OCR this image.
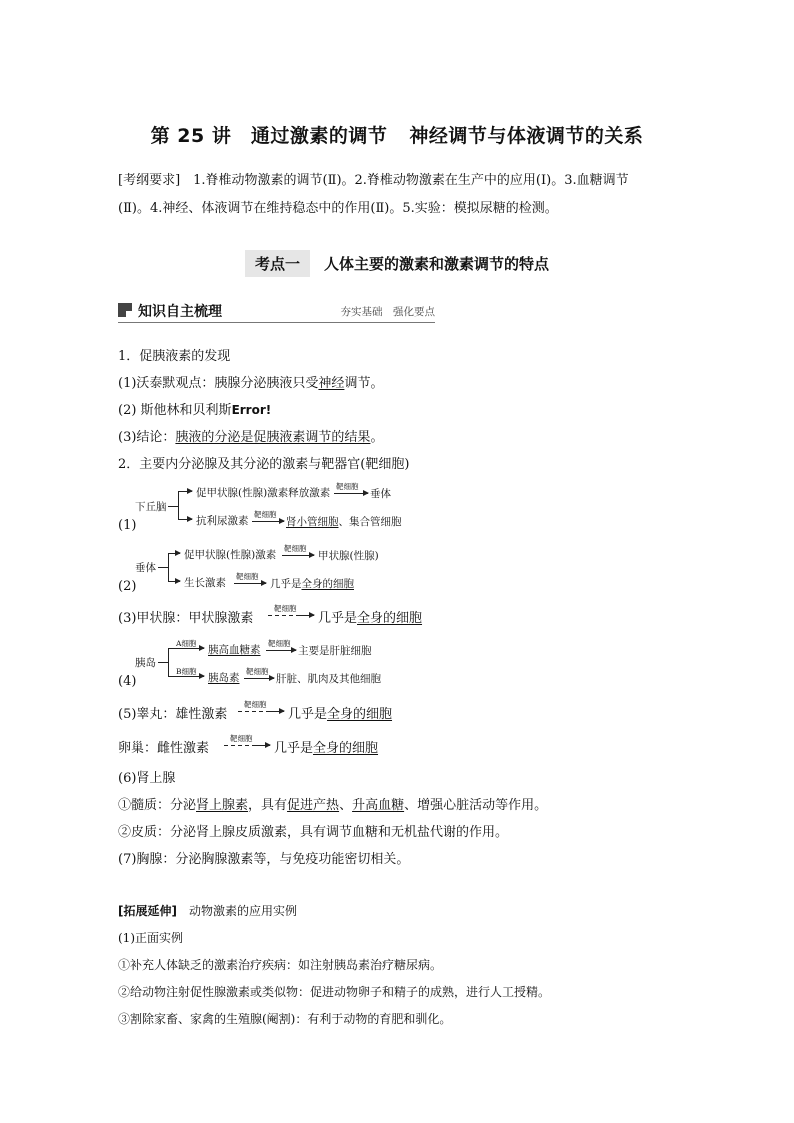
第 25 讲　通过激素的调节 神经调节与体液调节的关系
[考纲要求]　1.脊椎动物激素的调节(Ⅱ)。2.脊椎动物激素在生产中的应用(Ⅰ)。3.血糖调节
(Ⅱ)。4.神经、体液调节在维持稳态中的作用(Ⅱ)。5.实验：模拟尿糖的检测。
考点一 人体主要的激素和激素调节的特点
知识自主梳理	夯实基础　强化要点
1．促胰液素的发现
(1)沃泰默观点：胰腺分泌胰液只受神经调节。
(2) 斯他林和贝利斯Error!
(3)结论：胰液的分泌是促胰液素调节的结果。
2．主要内分泌腺及其分泌的激素与靶器官(靶细胞)
(1)
下丘脑
促甲状腺(性腺)激素释放激素
靶细胞
垂体
抗利尿激素
靶细胞
肾小管细胞、集合管细胞
(2)
垂体
促甲状腺(性腺)激素
靶细胞
甲状腺(性腺)
生长激素
靶细胞
几乎是全身的细胞
(3)甲状腺：甲状腺激素
靶细胞
几乎是全身的细胞
(4)
胰岛
A细胞
B细胞
胰高血糖素
靶细胞
主要是肝脏细胞
胰岛素
靶细胞
肝脏、肌肉及其他细胞
(5)睾丸：雄性激素
靶细胞
几乎是全身的细胞
卵巢：雌性激素
靶细胞
几乎是全身的细胞
(6)肾上腺
①髓质：分泌肾上腺素，具有促进产热、升高血糖、增强心脏活动等作用。
②皮质：分泌肾上腺皮质激素，具有调节血糖和无机盐代谢的作用。
(7)胸腺：分泌胸腺激素等，与免疫功能密切相关。
[拓展延伸]　动物激素的应用实例
(1)正面实例
①补充人体缺乏的激素治疗疾病：如注射胰岛素治疗糖尿病。
②给动物注射促性腺激素或类似物：促进动物卵子和精子的成熟，进行人工授精。
③割除家畜、家禽的生殖腺(阉割)：有利于动物的育肥和驯化。
